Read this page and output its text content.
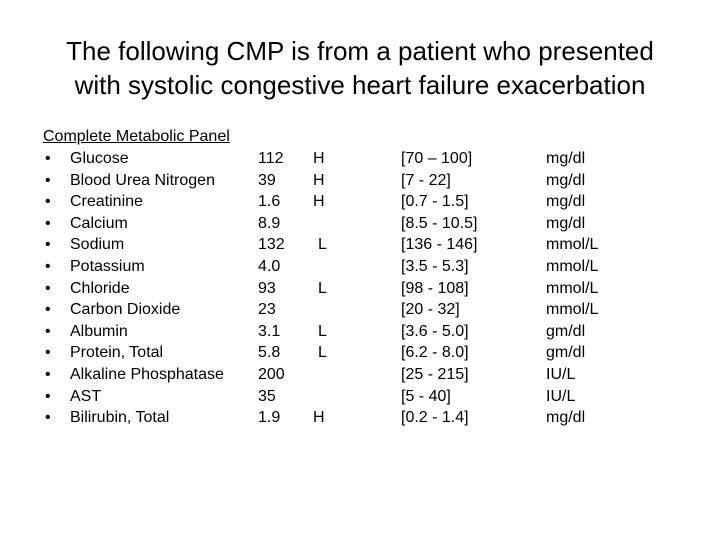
The following CMP is from a patient who presented
with systolic congestive heart failure exacerbation
Complete Metabolic Panel
• Glucose	112 H	[70 – 100]	mg/dl
• Blood Urea Nitrogen	39 H	[7 - 22]	mg/dl
• Creatinine	1.6 H	[0.7 - 1.5]	mg/dl
• Calcium	8.9	[8.5 - 10.5]	mg/dl
• Sodium	132 L	[136 - 146]	mmol/L
• Potassium	4.0	[3.5 - 5.3]	mmol/L
• Chloride	93	L	[98 - 108]	mmol/L
• Carbon Dioxide	23	[20 - 32]	mmol/L
• Albumin	3.1 L	[3.6 - 5.0]	gm/dl
• Protein, Total	5.8 L	[6.2 - 8.0]	gm/dl
• Alkaline Phosphatase 200	[25 - 215]	IU/L
• AST	35	[5 - 40]	IU/L
• Bilirubin, Total	1.9 H	[0.2 - 1.4]	mg/dl
